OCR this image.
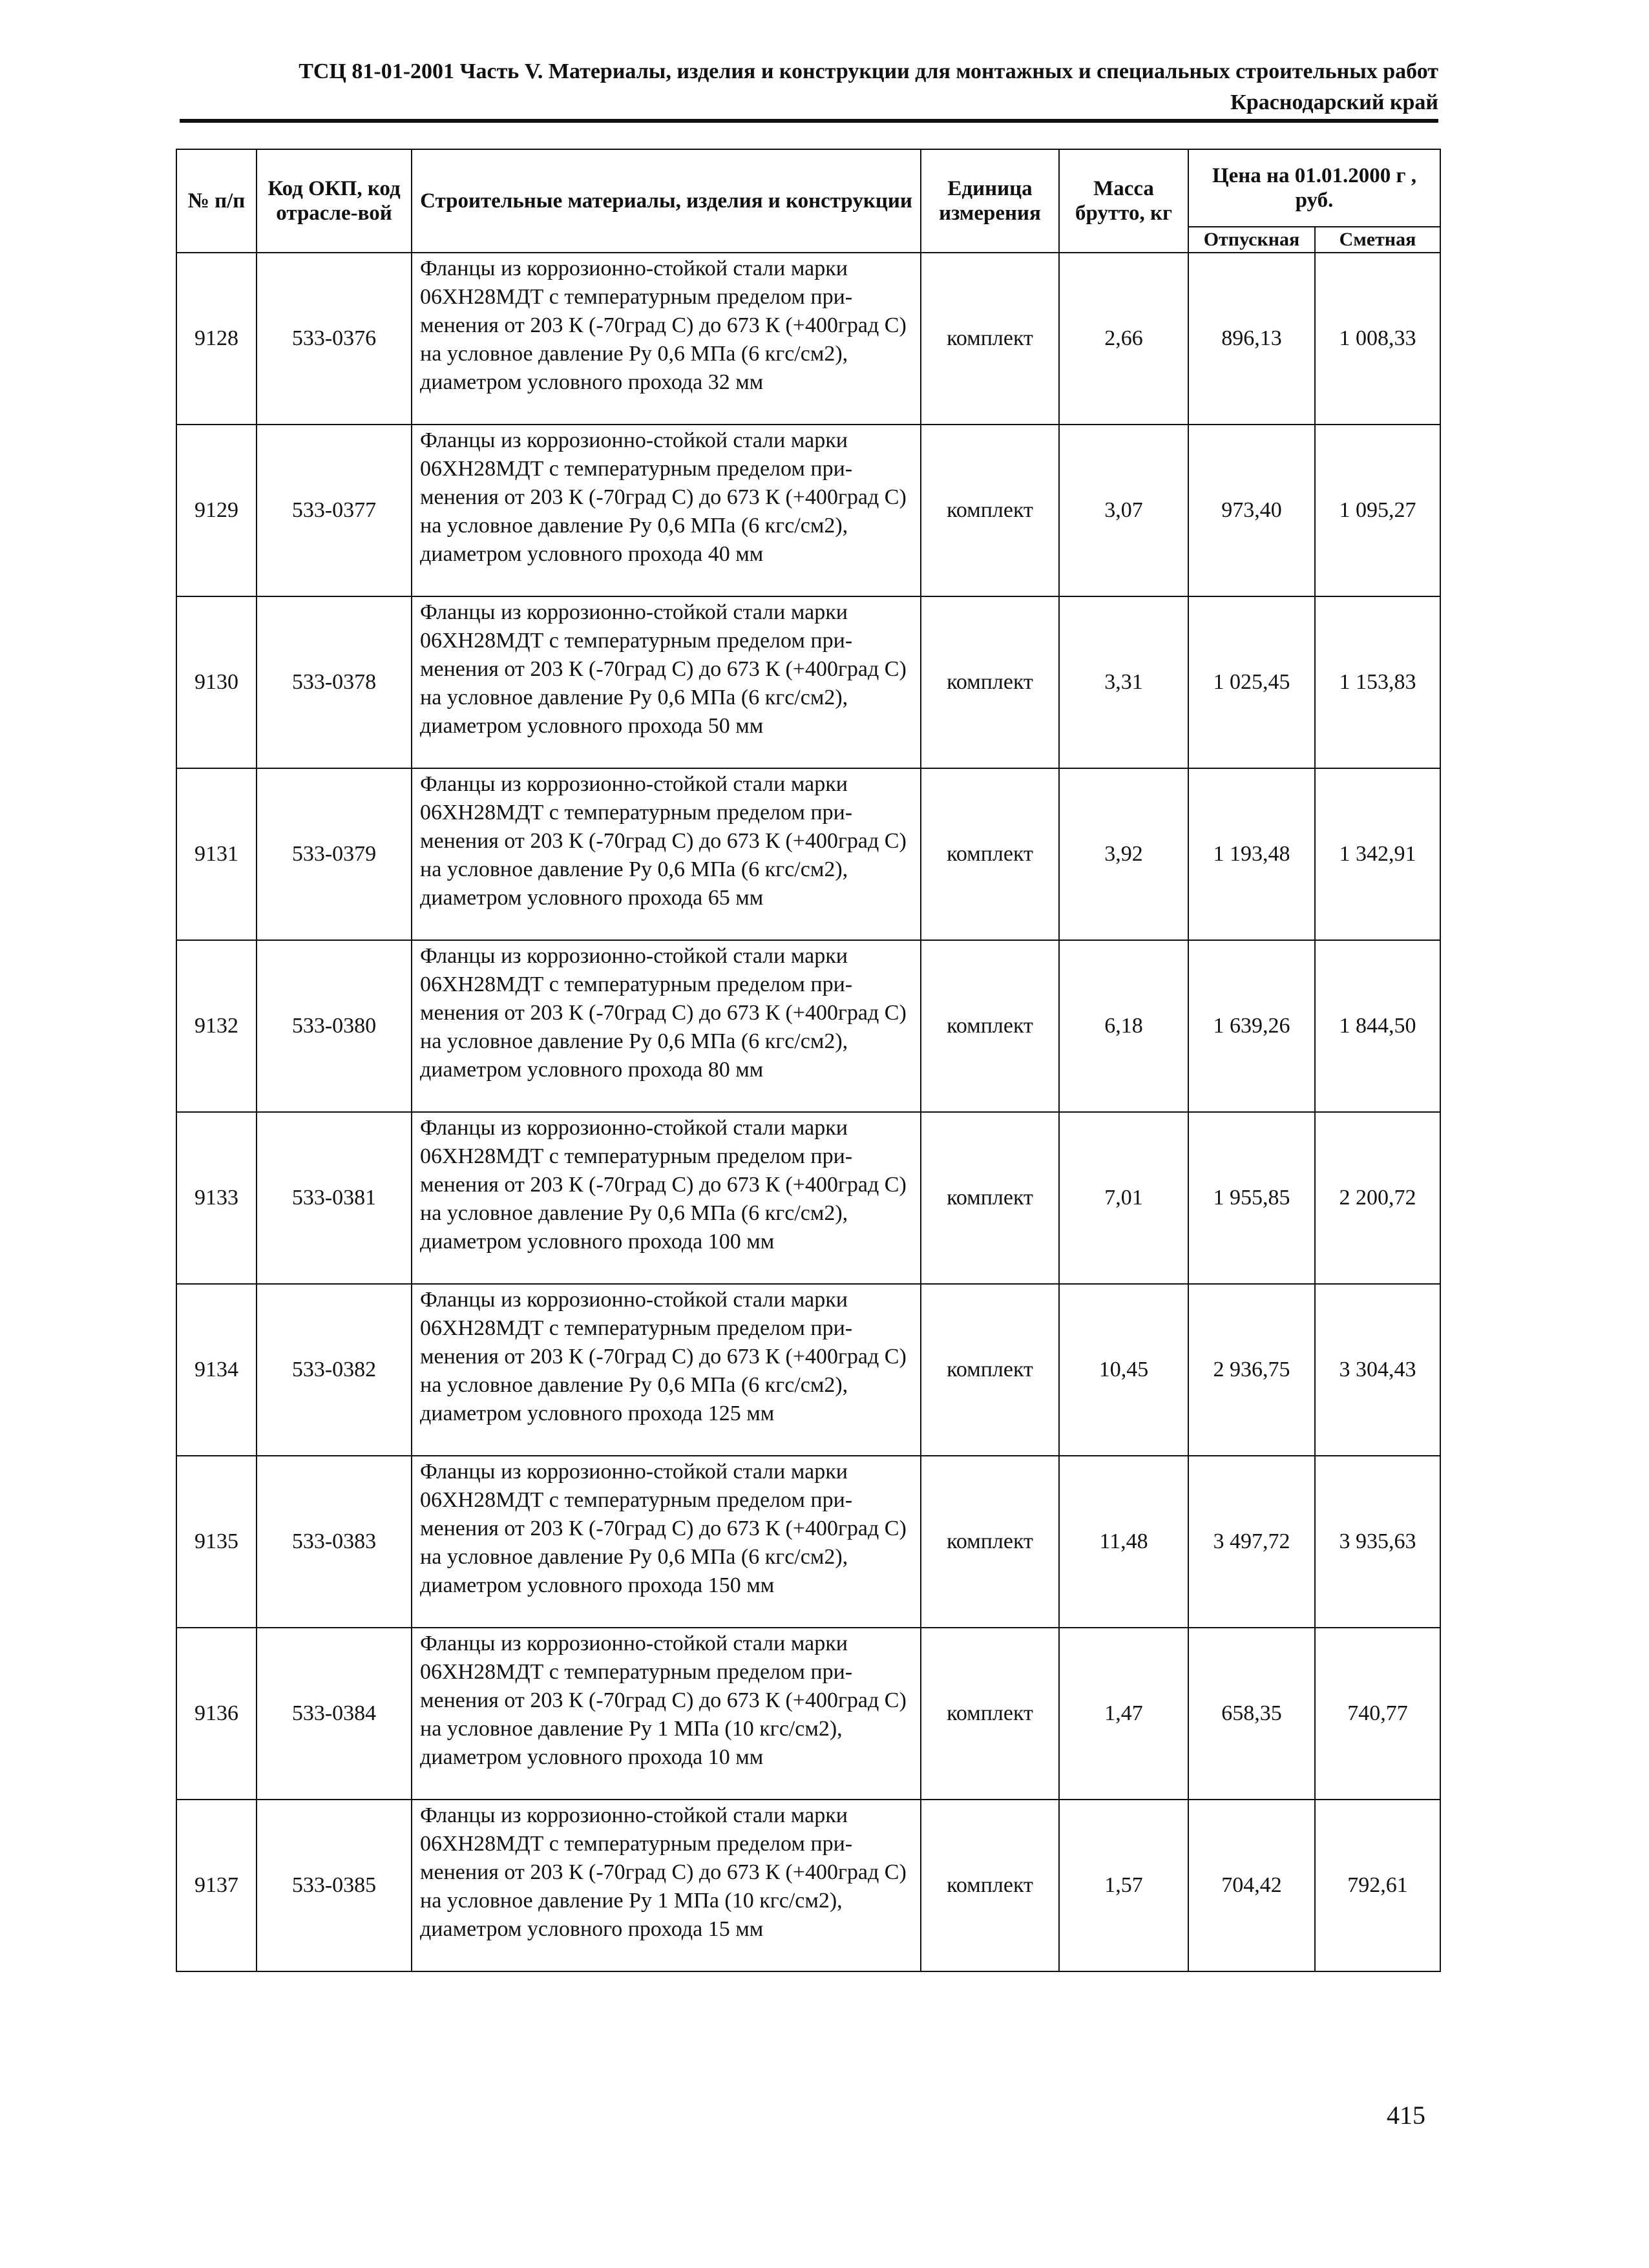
ТСЦ 81-01-2001 Часть V. Материалы, изделия и конструкции для монтажных и специальных строительных работ
Краснодарский край
№ п/п	Код ОКП, код отрасле-вой	Строительные материалы, изделия и конструкции	Единица измерения	Масса брутто, кг	Цена на 01.01.2000 г , руб.	
					Отпускная	Сметная
9128	533-0376	Фланцы из коррозионно-стойкой стали марки 06ХН28МДТ с температурным пределом при-менения от 203 К (-70град С) до 673 К (+400град С) на условное давление Ру 0,6 МПа (6 кгс/см2), диаметром условного прохода 32 мм	комплект	2,66	896,13	1 008,33
9129	533-0377	Фланцы из коррозионно-стойкой стали марки 06ХН28МДТ с температурным пределом при-менения от 203 К (-70град С) до 673 К (+400град С) на условное давление Ру 0,6 МПа (6 кгс/см2), диаметром условного прохода 40 мм	комплект	3,07	973,40	1 095,27
9130	533-0378	Фланцы из коррозионно-стойкой стали марки 06ХН28МДТ с температурным пределом при-менения от 203 К (-70град С) до 673 К (+400град С) на условное давление Ру 0,6 МПа (6 кгс/см2), диаметром условного прохода 50 мм	комплект	3,31	1 025,45	1 153,83
9131	533-0379	Фланцы из коррозионно-стойкой стали марки 06ХН28МДТ с температурным пределом при-менения от 203 К (-70град С) до 673 К (+400град С) на условное давление Ру 0,6 МПа (6 кгс/см2), диаметром условного прохода 65 мм	комплект	3,92	1 193,48	1 342,91
9132	533-0380	Фланцы из коррозионно-стойкой стали марки 06ХН28МДТ с температурным пределом при-менения от 203 К (-70град С) до 673 К (+400град С) на условное давление Ру 0,6 МПа (6 кгс/см2), диаметром условного прохода 80 мм	комплект	6,18	1 639,26	1 844,50
9133	533-0381	Фланцы из коррозионно-стойкой стали марки 06ХН28МДТ с температурным пределом при-менения от 203 К (-70град С) до 673 К (+400град С) на условное давление Ру 0,6 МПа (6 кгс/см2), диаметром условного прохода 100 мм	комплект	7,01	1 955,85	2 200,72
9134	533-0382	Фланцы из коррозионно-стойкой стали марки 06ХН28МДТ с температурным пределом при-менения от 203 К (-70град С) до 673 К (+400град С) на условное давление Ру 0,6 МПа (6 кгс/см2), диаметром условного прохода 125 мм	комплект	10,45	2 936,75	3 304,43
9135	533-0383	Фланцы из коррозионно-стойкой стали марки 06ХН28МДТ с температурным пределом при-менения от 203 К (-70град С) до 673 К (+400град С) на условное давление Ру 0,6 МПа (6 кгс/см2), диаметром условного прохода 150 мм	комплект	11,48	3 497,72	3 935,63
9136	533-0384	Фланцы из коррозионно-стойкой стали марки 06ХН28МДТ с температурным пределом при-менения от 203 К (-70град С) до 673 К (+400град С) на условное давление Ру 1 МПа (10 кгс/см2), диаметром условного прохода 10 мм	комплект	1,47	658,35	740,77
9137	533-0385	Фланцы из коррозионно-стойкой стали марки 06ХН28МДТ с температурным пределом при-менения от 203 К (-70град С) до 673 К (+400град С) на условное давление Ру 1 МПа (10 кгс/см2), диаметром условного прохода 15 мм	комплект	1,57	704,42	792,61
415
